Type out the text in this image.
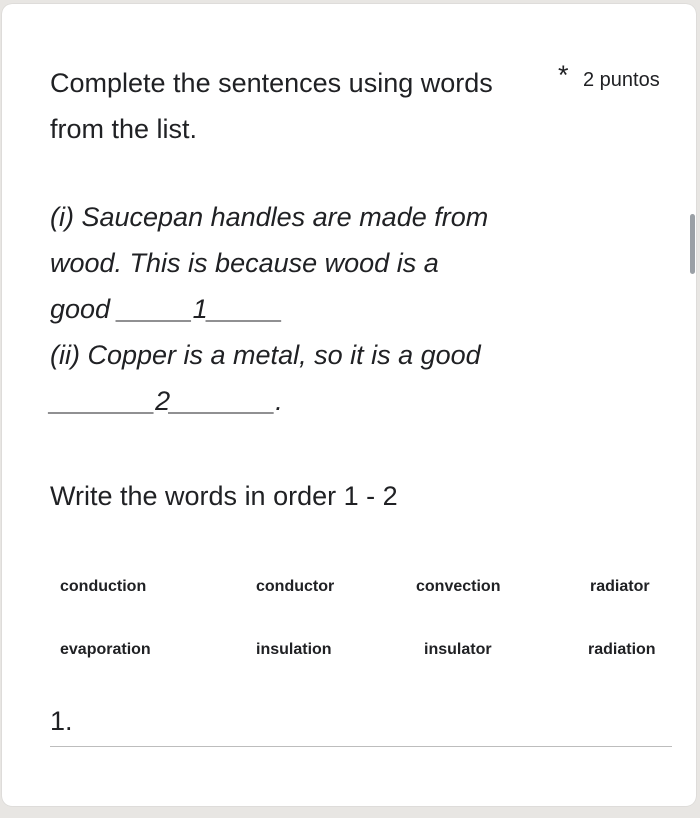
Complete the sentences using words from the list.
* 2 puntos
(i) Saucepan handles are made from
wood. This is because wood is a
good _____1_____
(ii) Copper is a metal, so it is a good
_______2_______.
Write the words in order 1 - 2
conduction	conductor	convection	radiator
evaporation	insulation	insulator	radiation
1.
